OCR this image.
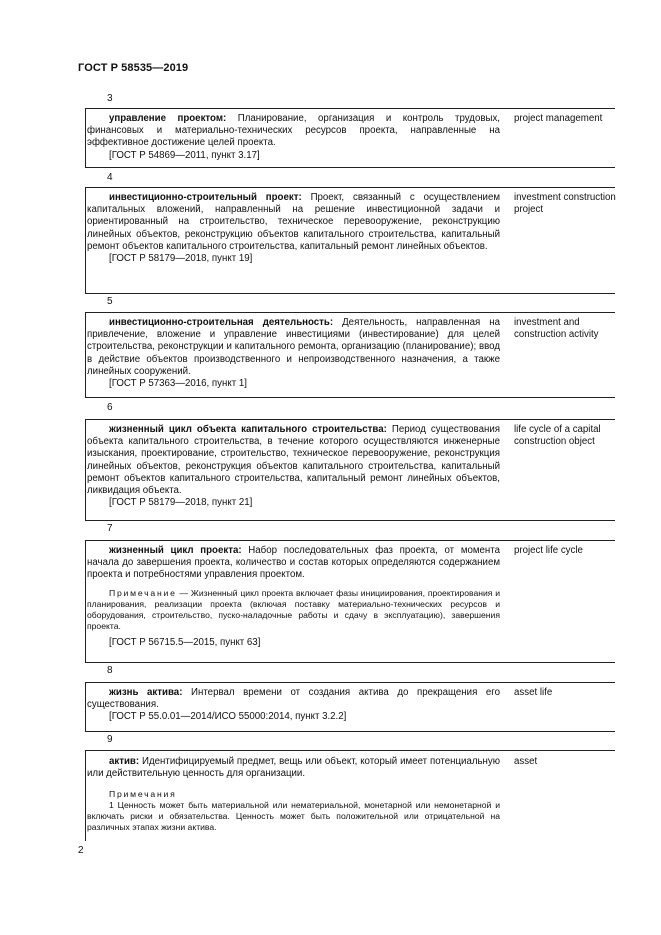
ГОСТ Р 58535—2019
3

управление проектом: Планирование, организация и контроль трудовых, финансовых и материально-технических ресурсов проекта, направленные на эффективное достижение целей проекта.

[ГОСТ Р 54869—2011, пункт 3.17]

project management
4

инвестиционно-строительный проект: Проект, связанный с осуществлением капитальных вложений, направленный на решение инвестиционной задачи и ориентированный на строительство, техническое перевооружение, реконструкцию линейных объектов, реконструкцию объектов капитального строительства, капитальный ремонт объектов капитального строительства, капитальный ремонт линейных объектов.

[ГОСТ Р 58179—2018, пункт 19]

investment construction project
5

инвестиционно-строительная деятельность: Деятельность, направленная на привлечение, вложение и управление инвестициями (инвестирование) для целей строительства, реконструкции и капитального ремонта, организацию (планирование); ввод в действие объектов производственного и непроизводственного назначения, а также линейных сооружений.

[ГОСТ Р 57363—2016, пункт 1]

investment and construction activity
6

жизненный цикл объекта капитального строительства: Период существования объекта капитального строительства, в течение которого осуществляются инженерные изыскания, проектирование, строительство, техническое перевооружение, реконструкция линейных объектов, реконструкция объектов капитального строительства, капитальный ремонт объектов капитального строительства, капитальный ремонт линейных объектов, ликвидация объекта.

[ГОСТ Р 58179—2018, пункт 21]

life cycle of a capital construction object
7

жизненный цикл проекта: Набор последовательных фаз проекта, от момента начала до завершения проекта, количество и состав которых определяются содержанием проекта и потребностями управления проектом.

Примечание — Жизненный цикл проекта включает фазы инициирования, проектирования и планирования, реализации проекта (включая поставку материально-технических ресурсов и оборудования, строительство, пуско-наладочные работы и сдачу в эксплуатацию), завершения проекта.

[ГОСТ Р 56715.5—2015, пункт 63]

project life cycle
8

жизнь актива: Интервал времени от создания актива до прекращения его существования.

[ГОСТ Р 55.0.01—2014/ИСО 55000:2014, пункт 3.2.2]

asset life
9

актив: Идентифицируемый предмет, вещь или объект, который имеет потенциальную или действительную ценность для организации.

Примечания

1 Ценность может быть материальной или нематериальной, монетарной или немонетарной и включать риски и обязательства. Ценность может быть положительной или отрицательной на различных этапах жизни актива.

asset
2
